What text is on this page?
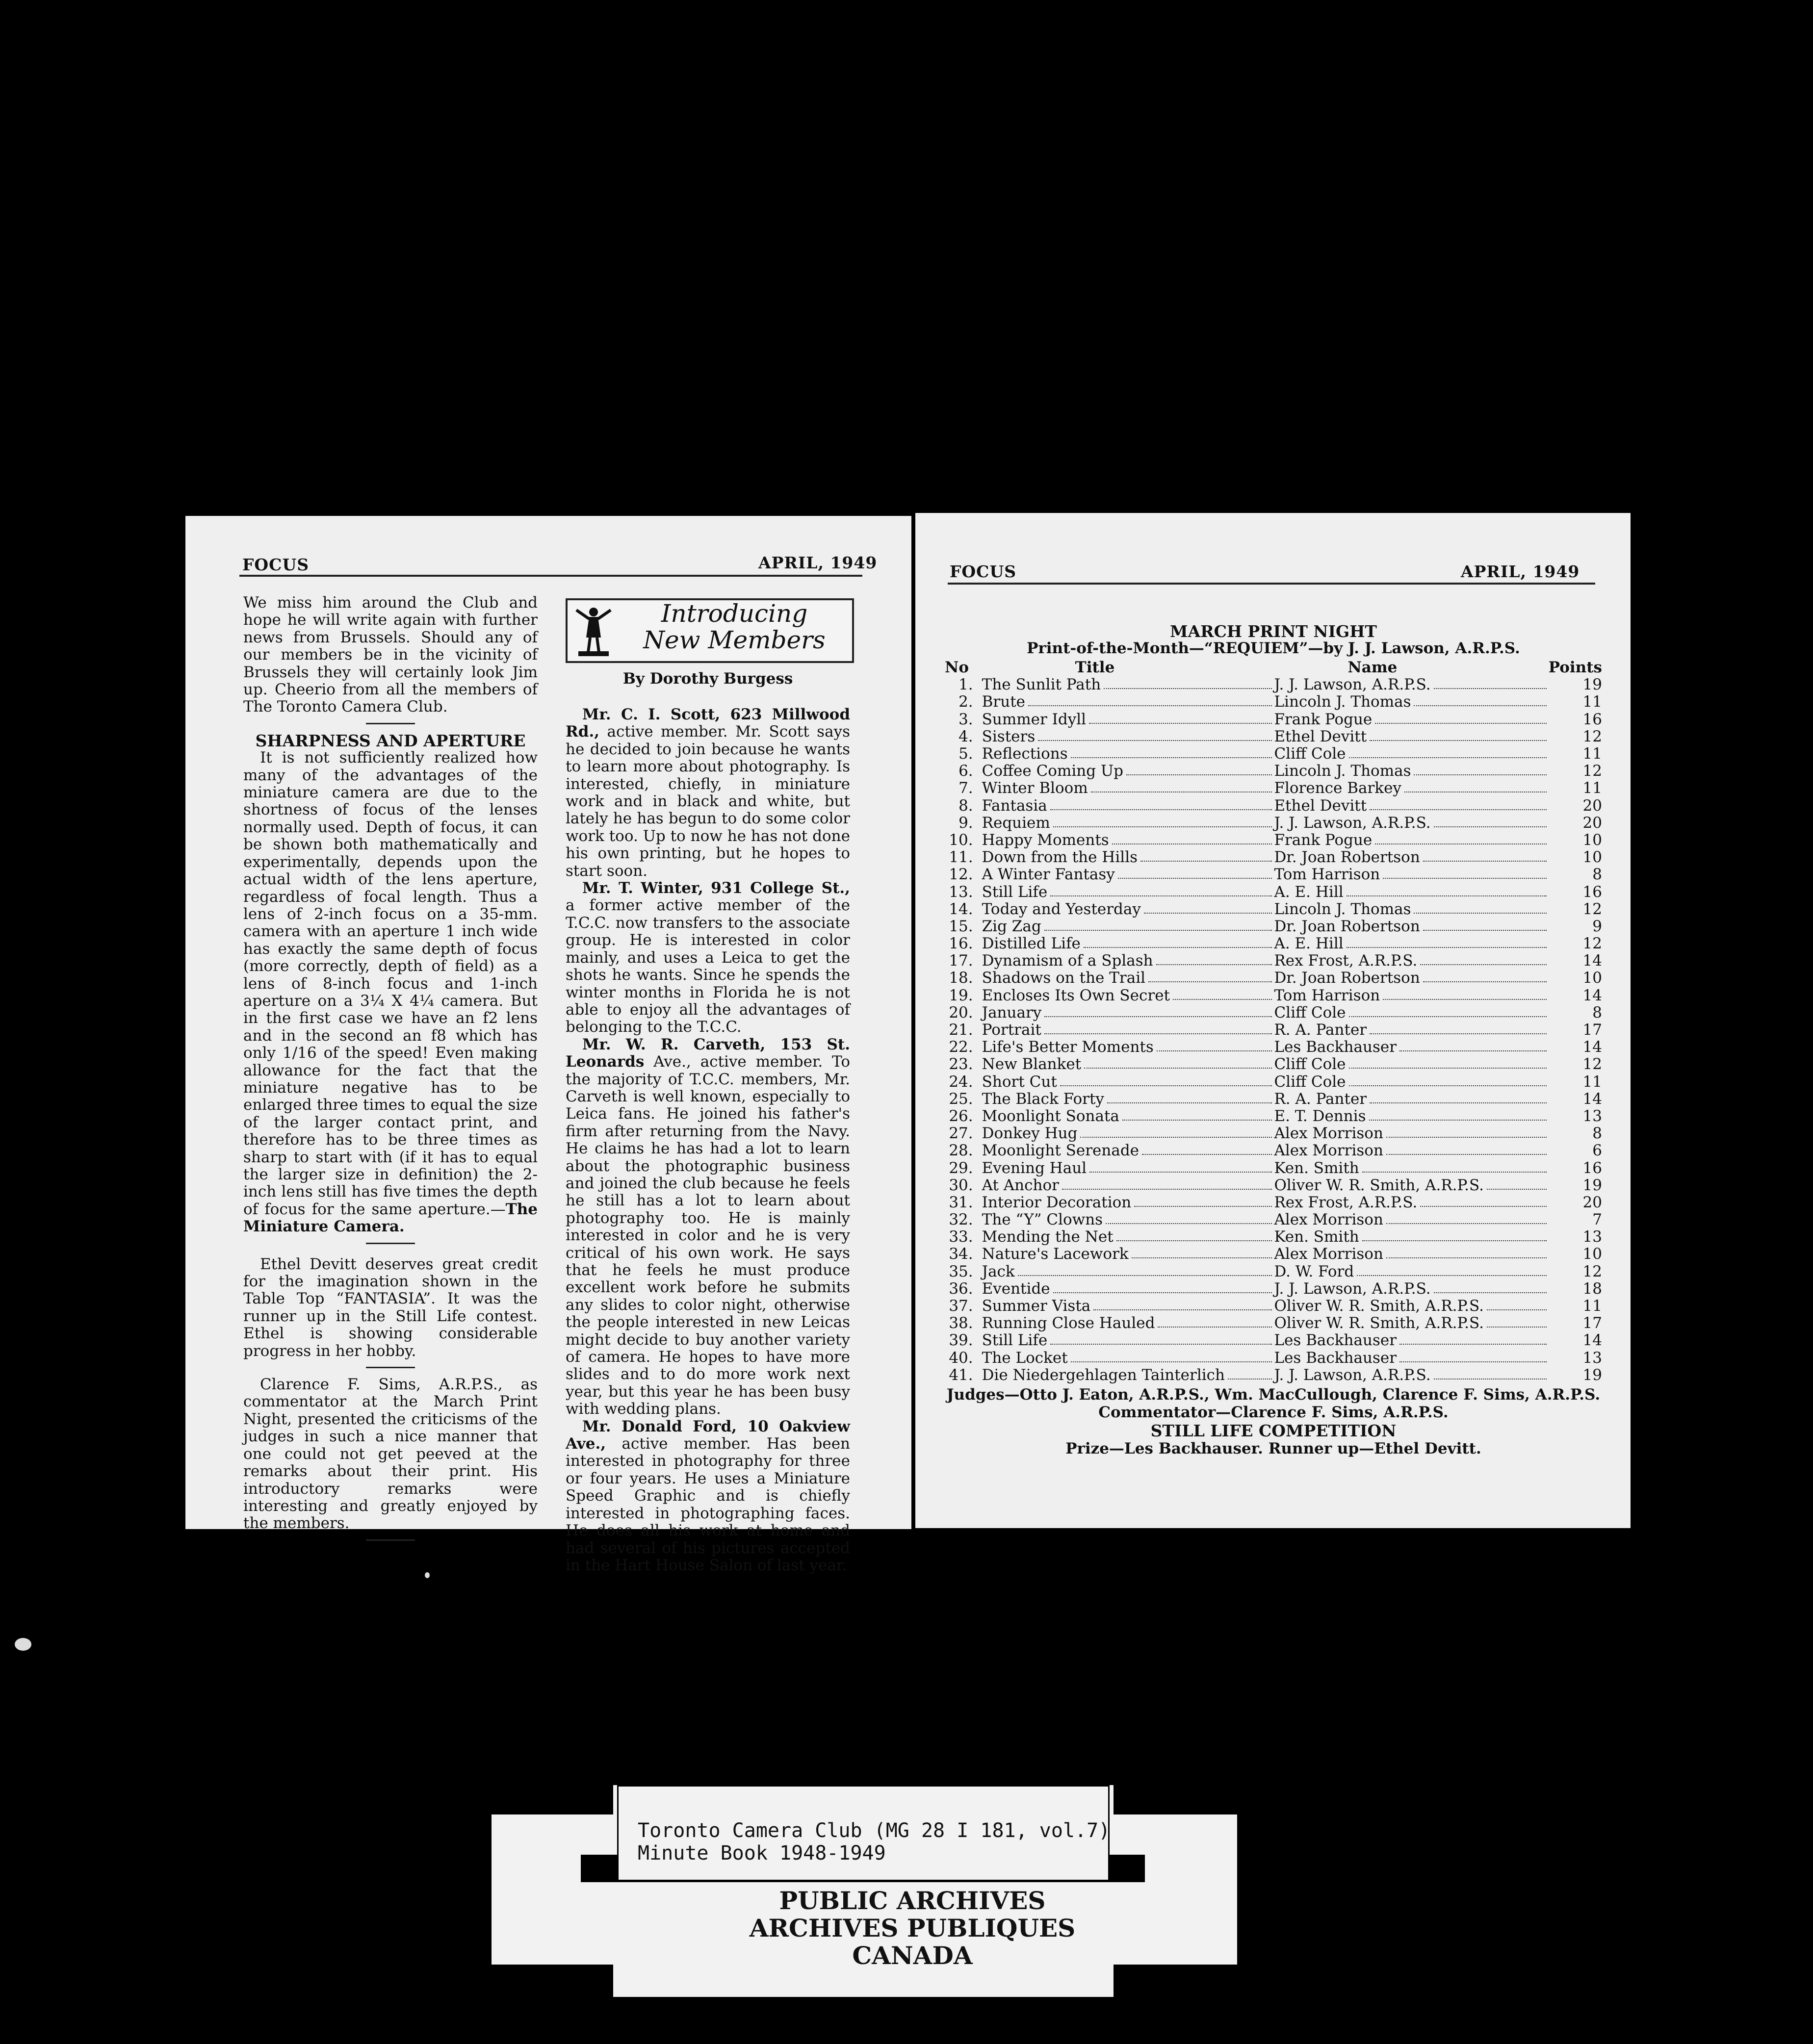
FOCUS	APRIL, 1949

We miss him around the Club and hope he will write again with further news from Brussels. Should any of our members be in the vicinity of Brussels they will certainly look Jim up. Cheerio from all the members of The Toronto Camera Club.

SHARPNESS AND APERTURE

It is not sufficiently realized how many of the advantages of the miniature camera are due to the shortness of focus of the lenses normally used. Depth of focus, it can be shown both mathematically and experimentally, depends upon the actual width of the lens aperture, regardless of focal length. Thus a lens of 2-inch focus on a 35-mm. camera with an aperture 1 inch wide has exactly the same depth of focus (more correctly, depth of field) as a lens of 8-inch focus and 1-inch aperture on a 3¼ X 4¼ camera. But in the first case we have an f2 lens and in the second an f8 which has only 1/16 of the speed! Even making allowance for the fact that the miniature negative has to be enlarged three times to equal the size of the larger contact print, and therefore has to be three times as sharp to start with (if it has to equal the larger size in definition) the 2-inch lens still has five times the depth of focus for the same aperture.—The Miniature Camera.

Ethel Devitt deserves great credit for the imagination shown in the Table Top “FANTASIA”. It was the runner up in the Still Life contest. Ethel is showing considerable progress in her hobby.

Clarence F. Sims, A.R.P.S., as commentator at the March Print Night, presented the criticisms of the judges in such a nice manner that one could not get peeved at the remarks about their print. His introductory remarks were interesting and greatly enjoyed by the members.

Introducing
New Members
By Dorothy Burgess

Mr. C. I. Scott, 623 Millwood Rd., active member. Mr. Scott says he decided to join because he wants to learn more about photography. Is interested, chiefly, in miniature work and in black and white, but lately he has begun to do some color work too. Up to now he has not done his own printing, but he hopes to start soon.

Mr. T. Winter, 931 College St., a former active member of the T.C.C. now transfers to the associate group. He is interested in color mainly, and uses a Leica to get the shots he wants. Since he spends the winter months in Florida he is not able to enjoy all the advantages of belonging to the T.C.C.

Mr. W. R. Carveth, 153 St. Leonards Ave., active member. To the majority of T.C.C. members, Mr. Carveth is well known, especially to Leica fans. He joined his father's firm after returning from the Navy. He claims he has had a lot to learn about the photographic business and joined the club because he feels he still has a lot to learn about photography too. He is mainly interested in color and he is very critical of his own work. He says that he feels he must produce excellent work before he submits any slides to color night, otherwise the people interested in new Leicas might decide to buy another variety of camera. He hopes to have more slides and to do more work next year, but this year he has been busy with wedding plans.

Mr. Donald Ford, 10 Oakview Ave., active member. Has been interested in photography for three or four years. He uses a Miniature Speed Graphic and is chiefly interested in photographing faces. He does all his work at home and had several of his pictures accepted in the Hart House Salon of last year.

FOCUS	APRIL, 1949
MARCH PRINT NIGHT
Print-of-the-Month—“REQUIEM”—by J. J. Lawson, A.R.P.S.
No	Title	Name	Points
1.	The Sunlit Path	J. J. Lawson, A.R.P.S.	19
2.	Brute	Lincoln J. Thomas	11
3.	Summer Idyll	Frank Pogue	16
4.	Sisters	Ethel Devitt	12
5.	Reflections	Cliff Cole	11
6.	Coffee Coming Up	Lincoln J. Thomas	12
7.	Winter Bloom	Florence Barkey	11
8.	Fantasia	Ethel Devitt	20
9.	Requiem	J. J. Lawson, A.R.P.S.	20
10.	Happy Moments	Frank Pogue	10
11.	Down from the Hills	Dr. Joan Robertson	10
12.	A Winter Fantasy	Tom Harrison	8
13.	Still Life	A. E. Hill	16
14.	Today and Yesterday	Lincoln J. Thomas	12
15.	Zig Zag	Dr. Joan Robertson	9
16.	Distilled Life	A. E. Hill	12
17.	Dynamism of a Splash	Rex Frost, A.R.P.S.	14
18.	Shadows on the Trail	Dr. Joan Robertson	10
19.	Encloses Its Own Secret	Tom Harrison	14
20.	January	Cliff Cole	8
21.	Portrait	R. A. Panter	17
22.	Life's Better Moments	Les Backhauser	14
23.	New Blanket	Cliff Cole	12
24.	Short Cut	Cliff Cole	11
25.	The Black Forty	R. A. Panter	14
26.	Moonlight Sonata	E. T. Dennis	13
27.	Donkey Hug	Alex Morrison	8
28.	Moonlight Serenade	Alex Morrison	6
29.	Evening Haul	Ken. Smith	16
30.	At Anchor	Oliver W. R. Smith, A.R.P.S.	19
31.	Interior Decoration	Rex Frost, A.R.P.S.	20
32.	The “Y” Clowns	Alex Morrison	7
33.	Mending the Net	Ken. Smith	13
34.	Nature's Lacework	Alex Morrison	10
35.	Jack	D. W. Ford	12
36.	Eventide	J. J. Lawson, A.R.P.S.	18
37.	Summer Vista	Oliver W. R. Smith, A.R.P.S.	11
38.	Running Close Hauled	Oliver W. R. Smith, A.R.P.S.	17
39.	Still Life	Les Backhauser	14
40.	The Locket	Les Backhauser	13
41.	Die Niedergehlagen Tainterlich	J. J. Lawson, A.R.P.S.	19
Judges—Otto J. Eaton, A.R.P.S., Wm. MacCullough, Clarence F. Sims, A.R.P.S.
Commentator—Clarence F. Sims, A.R.P.S.
STILL LIFE COMPETITION
Prize—Les Backhauser. Runner up—Ethel Devitt.
Toronto Camera Club (MG 28 I 181, vol.7)
Minute Book 1948-1949
PUBLIC ARCHIVES
ARCHIVES PUBLIQUES
CANADA
